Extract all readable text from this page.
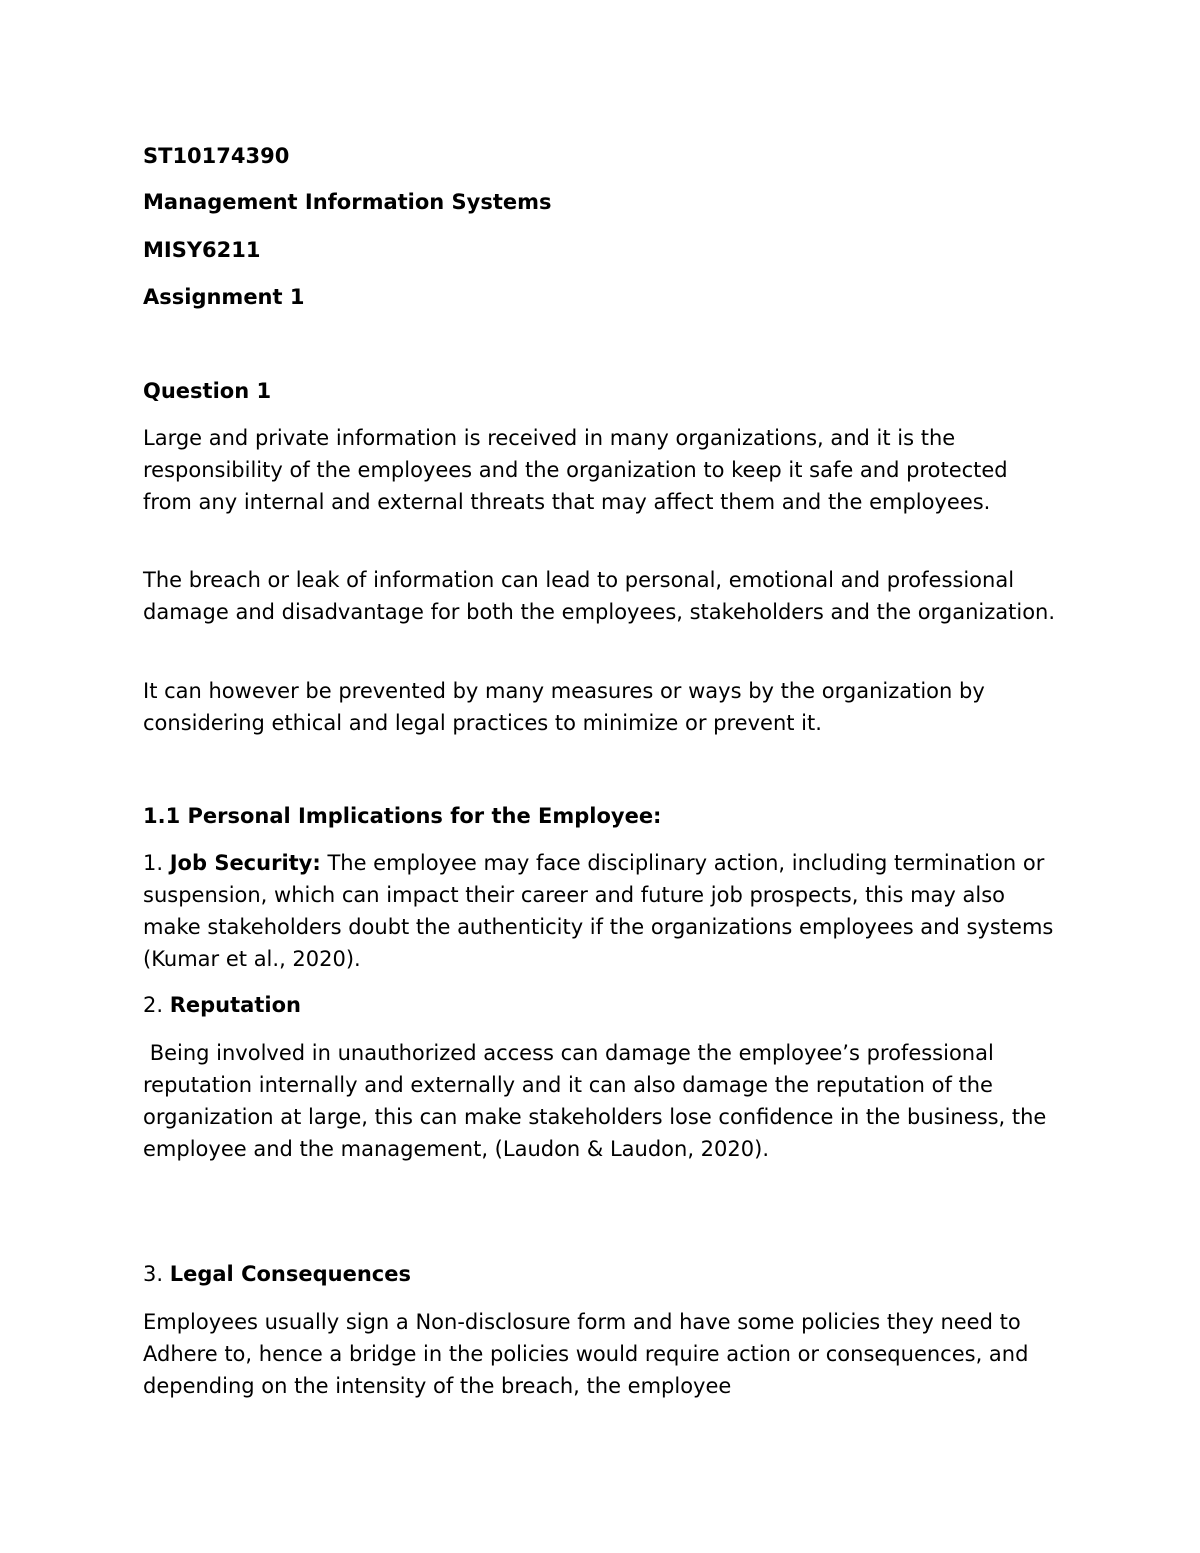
ST10174390

Management Information Systems

MISY6211

Assignment 1

Question 1

Large and private information is received in many organizations, and it is the responsibility of the employees and the organization to keep it safe and protected from any internal and external threats that may affect them and the employees.

The breach or leak of information can lead to personal, emotional and professional damage and disadvantage for both the employees, stakeholders and the organization.

It can however be prevented by many measures or ways by the organization by considering ethical and legal practices to minimize or prevent it.

1.1 Personal Implications for the Employee:

1. Job Security: The employee may face disciplinary action, including termination or suspension, which can impact their career and future job prospects, this may also make stakeholders doubt the authenticity if the organizations employees and systems (Kumar et al., 2020).

2. Reputation

Being involved in unauthorized access can damage the employee’s professional reputation internally and externally and it can also damage the reputation of the organization at large, this can make stakeholders lose confidence in the business, the employee and the management, (Laudon & Laudon, 2020).

3. Legal Consequences

Employees usually sign a Non-disclosure form and have some policies they need to Adhere to, hence a bridge in the policies would require action or consequences, and depending on the intensity of the breach, the employee
